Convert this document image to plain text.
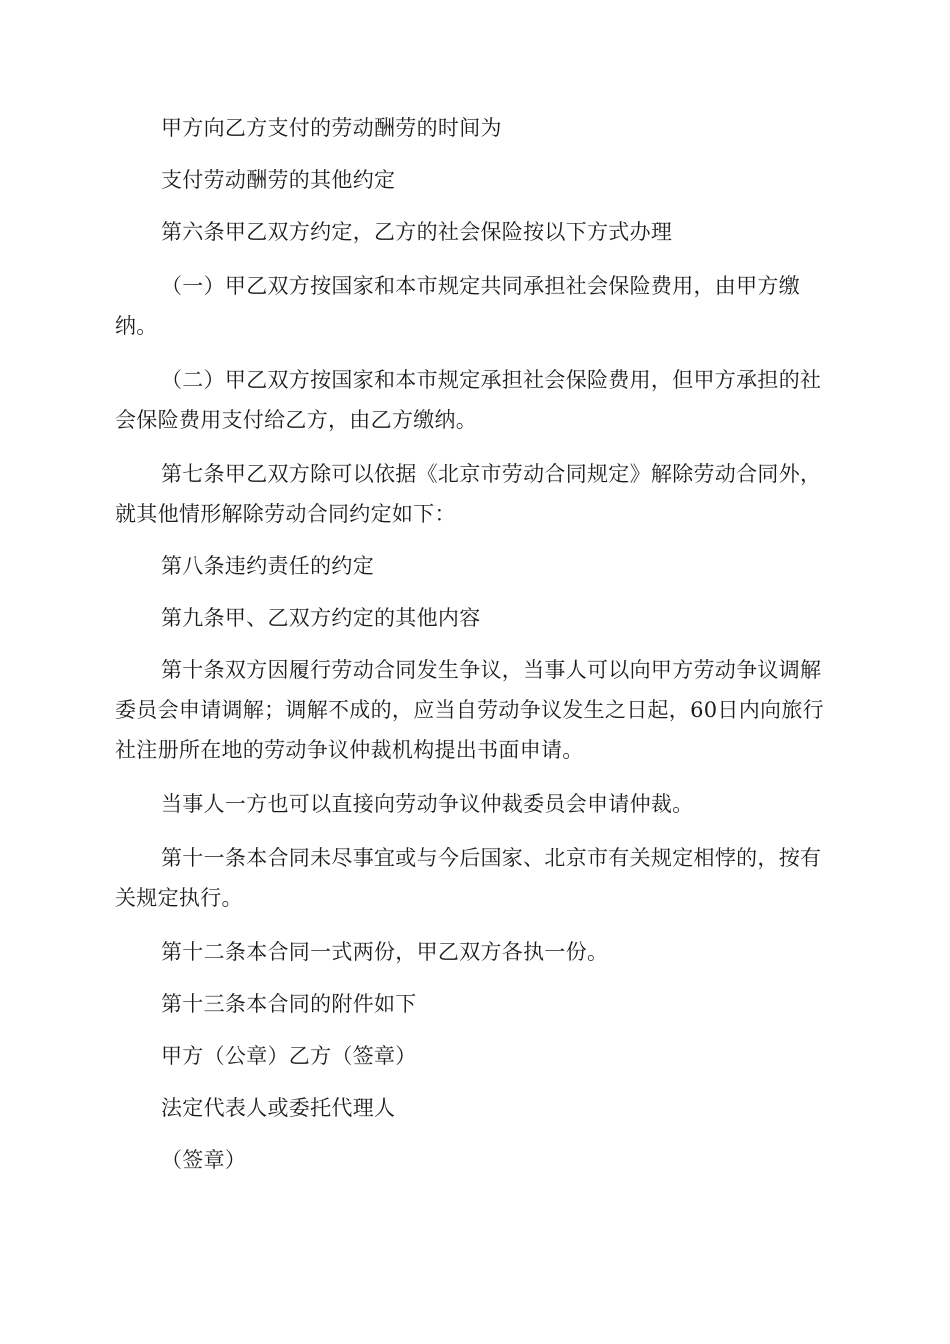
甲方向乙方支付的劳动酬劳的时间为

支付劳动酬劳的其他约定

第六条甲乙双方约定，乙方的社会保险按以下方式办理

（一）甲乙双方按国家和本市规定共同承担社会保险费用，由甲方缴纳。

（二）甲乙双方按国家和本市规定承担社会保险费用，但甲方承担的社会保险费用支付给乙方，由乙方缴纳。

第七条甲乙双方除可以依据《北京市劳动合同规定》解除劳动合同外，就其他情形解除劳动合同约定如下：

第八条违约责任的约定

第九条甲、乙双方约定的其他内容

第十条双方因履行劳动合同发生争议，当事人可以向甲方劳动争议调解委员会申请调解；调解不成的，应当自劳动争议发生之日起，60日内向旅行社注册所在地的劳动争议仲裁机构提出书面申请。

当事人一方也可以直接向劳动争议仲裁委员会申请仲裁。

第十一条本合同未尽事宜或与今后国家、北京市有关规定相悖的，按有关规定执行。

第十二条本合同一式两份，甲乙双方各执一份。

第十三条本合同的附件如下

甲方（公章）乙方（签章）

法定代表人或委托代理人

（签章）
